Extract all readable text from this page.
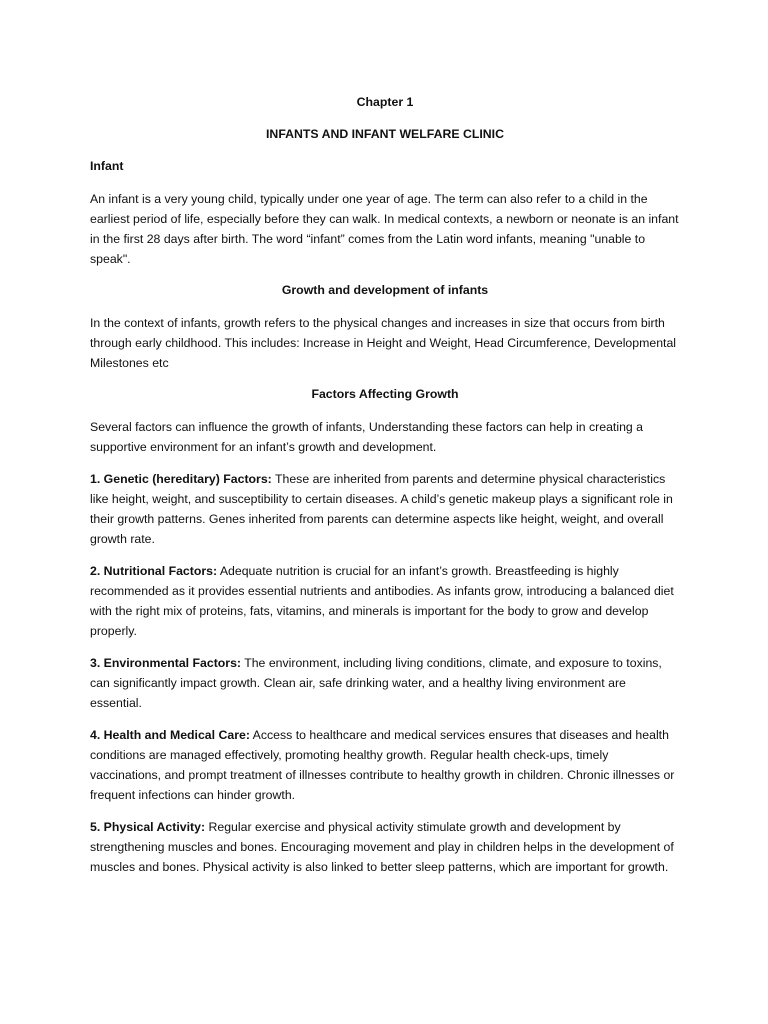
Chapter 1

INFANTS AND INFANT WELFARE CLINIC

Infant

An infant is a very young child, typically under one year of age. The term can also refer to a child in the earliest period of life, especially before they can walk. In medical contexts, a newborn or neonate is an infant in the first 28 days after birth. The word “infant” comes from the Latin word infants, meaning "unable to speak".

Growth and development of infants

In the context of infants, growth refers to the physical changes and increases in size that occurs from birth through early childhood. This includes: Increase in Height and Weight, Head Circumference, Developmental Milestones etc

Factors Affecting Growth

Several factors can influence the growth of infants, Understanding these factors can help in creating a supportive environment for an infant’s growth and development.

1. Genetic (hereditary) Factors: These are inherited from parents and determine physical characteristics like height, weight, and susceptibility to certain diseases. A child’s genetic makeup plays a significant role in their growth patterns. Genes inherited from parents can determine aspects like height, weight, and overall growth rate.

2. Nutritional Factors: Adequate nutrition is crucial for an infant’s growth. Breastfeeding is highly recommended as it provides essential nutrients and antibodies. As infants grow, introducing a balanced diet with the right mix of proteins, fats, vitamins, and minerals is important for the body to grow and develop properly.

3. Environmental Factors: The environment, including living conditions, climate, and exposure to toxins, can significantly impact growth. Clean air, safe drinking water, and a healthy living environment are essential.

4. Health and Medical Care: Access to healthcare and medical services ensures that diseases and health conditions are managed effectively, promoting healthy growth. Regular health check-ups, timely vaccinations, and prompt treatment of illnesses contribute to healthy growth in children. Chronic illnesses or frequent infections can hinder growth.

5. Physical Activity: Regular exercise and physical activity stimulate growth and development by strengthening muscles and bones. Encouraging movement and play in children helps in the development of muscles and bones. Physical activity is also linked to better sleep patterns, which are important for growth.
